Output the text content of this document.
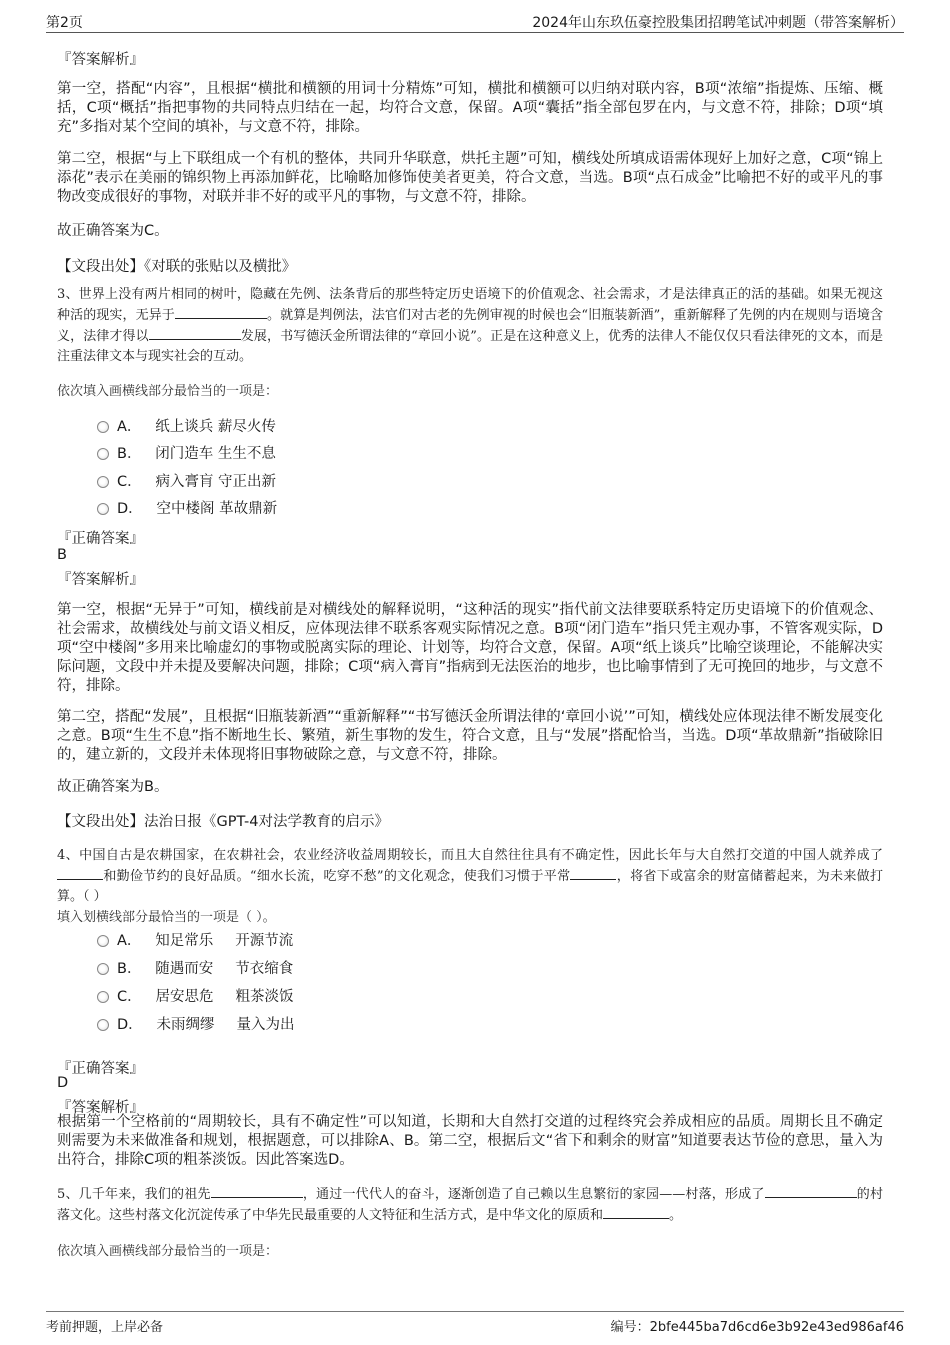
第2页	2024年山东玖伍豪控股集团招聘笔试冲刺题（带答案解析）
『答案解析』

第一空，搭配“内容”，且根据“横批和横额的用词十分精炼”可知，横批和横额可以归纳对联内容，B项“浓缩”指提炼、压缩、概括，C项“概括”指把事物的共同特点归结在一起，均符合文意，保留。A项“囊括”指全部包罗在内，与文意不符，排除；D项“填充”多指对某个空间的填补，与文意不符，排除。

第二空，根据“与上下联组成一个有机的整体，共同升华联意，烘托主题”可知，横线处所填成语需体现好上加好之意，C项“锦上添花”表示在美丽的锦织物上再添加鲜花，比喻略加修饰使美者更美，符合文意，当选。B项“点石成金”比喻把不好的或平凡的事物改变成很好的事物，对联并非不好的或平凡的事物，与文意不符，排除。

故正确答案为C。
【文段出处】《对联的张贴以及横批》

3、世界上没有两片相同的树叶，隐藏在先例、法条背后的那些特定历史语境下的价值观念、社会需求，才是法律真正的活的基础。如果无视这种活的现实，无异于	。就算是判例法，法官们对古老的先例审视的时候也会“旧瓶装新酒”，重新解释了先例的内在规则与语境含义，法律才得以	发展，书写德沃金所谓法律的“章回小说”。正是在这种意义上，优秀的法律人不能仅仅只看法律死的文本，而是注重法律文本与现实社会的互动。

依次填入画横线部分最恰当的一项是：
A． 纸上谈兵 薪尽火传
B． 闭门造车 生生不息
C． 病入膏肓 守正出新
D． 空中楼阁 革故鼎新
『正确答案』
B
『答案解析』

第一空，根据“无异于”可知，横线前是对横线处的解释说明，“这种活的现实”指代前文法律要联系特定历史语境下的价值观念、社会需求，故横线处与前文语义相反，应体现法律不联系客观实际情况之意。B项“闭门造车”指只凭主观办事，不管客观实际，D项“空中楼阁”多用来比喻虚幻的事物或脱离实际的理论、计划等，均符合文意，保留。A项“纸上谈兵”比喻空谈理论，不能解决实际问题，文段中并未提及要解决问题，排除；C项“病入膏肓”指病到无法医治的地步，也比喻事情到了无可挽回的地步，与文意不符，排除。

第二空，搭配“发展”，且根据“旧瓶装新酒”“重新解释”“书写德沃金所谓法律的‘章回小说’”可知，横线处应体现法律不断发展变化之意。B项“生生不息”指不断地生长、繁殖，新生事物的发生，符合文意，且与“发展”搭配恰当，当选。D项“革故鼎新”指破除旧的，建立新的，文段并未体现将旧事物破除之意，与文意不符，排除。

故正确答案为B。
【文段出处】法治日报《GPT-4对法学教育的启示》

4、中国自古是农耕国家，在农耕社会，农业经济收益周期较长，而且大自然往往具有不确定性，因此长年与大自然打交道的中国人就养成了和勤俭节约的良好品质。“细水长流，吃穿不愁”的文化观念，使我们习惯于平常	，将省下或富余的财富储蓄起来，为未来做打算。（ ）

填入划横线部分最恰当的一项是（ ）。
A． 知足常乐 开源节流
B． 随遇而安 节衣缩食
C． 居安思危 粗茶淡饭
D． 未雨绸缪 量入为出
『正确答案』
D
『答案解析』

根据第一个空格前的“周期较长，具有不确定性”可以知道，长期和大自然打交道的过程终究会养成相应的品质。周期长且不确定则需要为未来做准备和规划，根据题意，可以排除A、B。第二空，根据后文“省下和剩余的财富”知道要表达节俭的意思，量入为出符合，排除C项的粗茶淡饭。因此答案选D。

5、几千年来，我们的祖先	，通过一代代人的奋斗，逐渐创造了自己赖以生息繁衍的家园——村落，形成了	的村落文化。这些村落文化沉淀传承了中华先民最重要的人文特征和生活方式，是中华文化的原质和	。

依次填入画横线部分最恰当的一项是：
考前押题，上岸必备	编号：2bfe445ba7d6cd6e3b92e43ed986af46
